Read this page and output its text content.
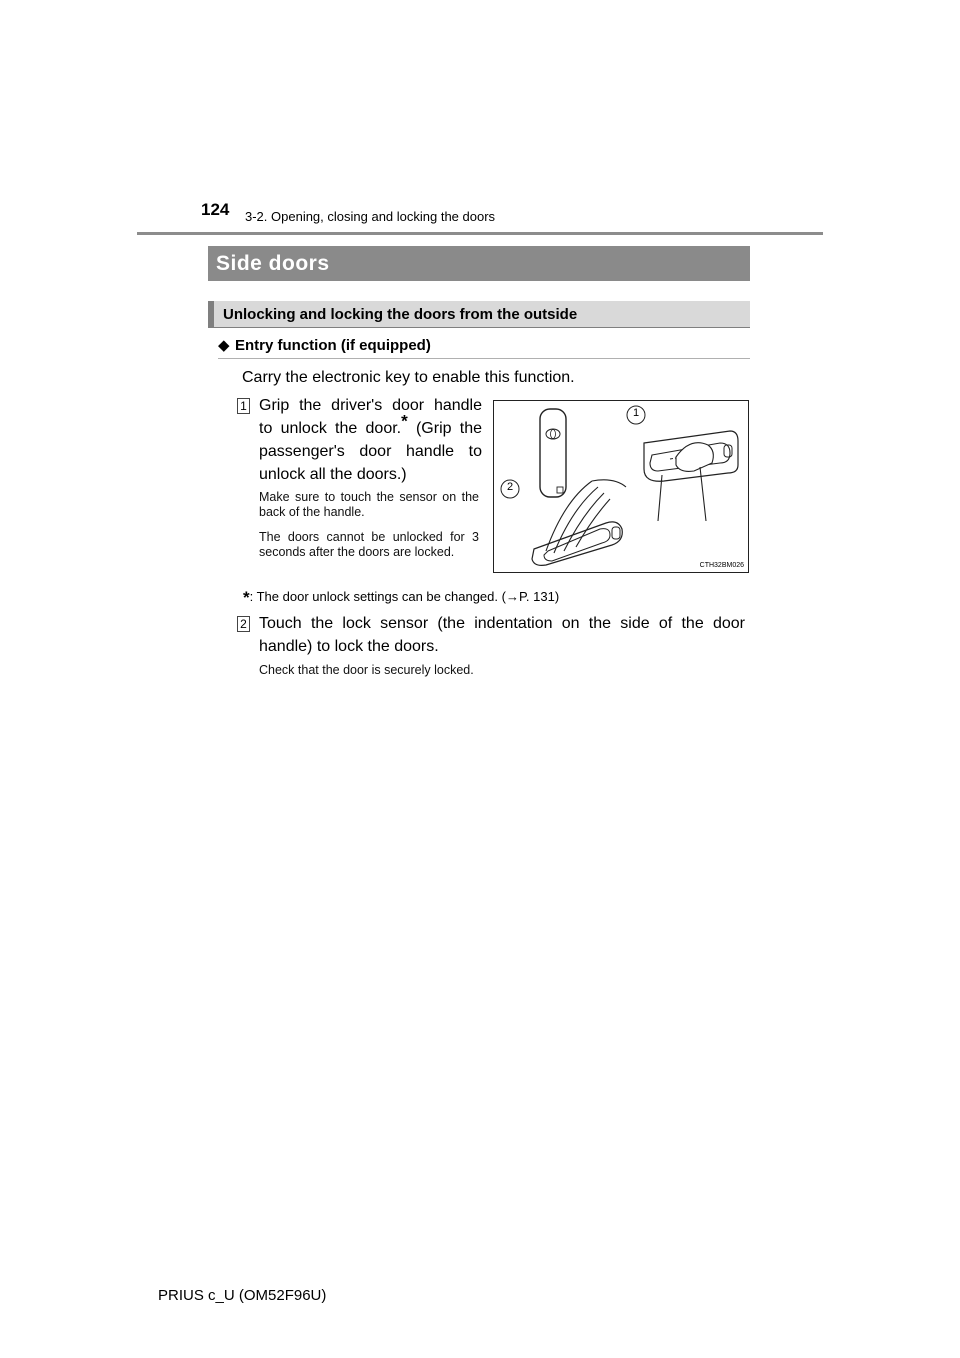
124 3-2. Opening, closing and locking the doors
Side doors
Unlocking and locking the doors from the outside
◆ Entry function (if equipped)
Carry the electronic key to enable this function.
1 Grip the driver's door handle
to unlock the door.* (Grip the
passenger's door handle to
unlock all the doors.)
Make sure to touch the sensor on the back of the handle.
The doors cannot be unlocked for 3 seconds after the doors are locked.
1
2
CTH32BM026
*: The door unlock settings can be changed. (→P. 131)
2 Touch the lock sensor (the indentation on the side of the door handle) to lock the doors.
Check that the door is securely locked.
PRIUS c_U (OM52F96U)
